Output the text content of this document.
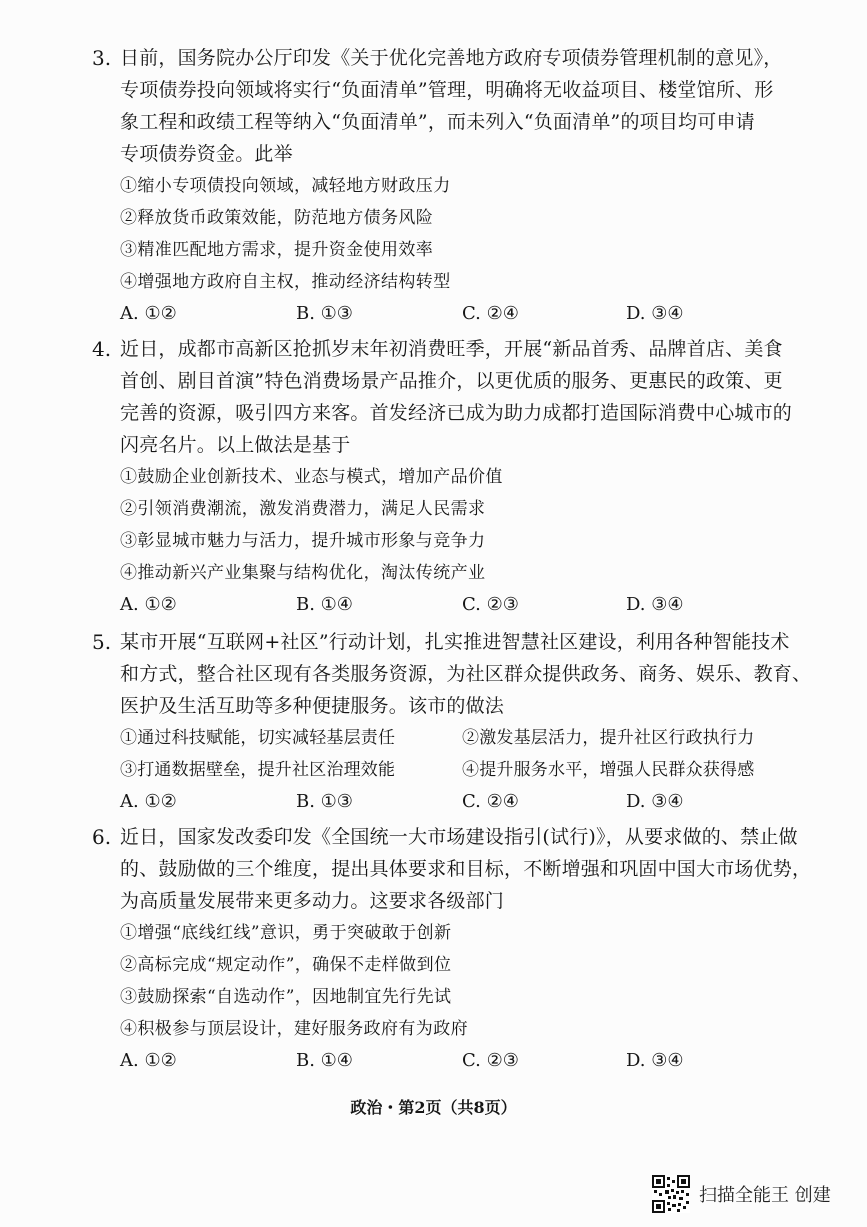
3. 日前，国务院办公厅印发《关于优化完善地方政府专项债券管理机制的意见》，
专项债券投向领域将实行“负面清单”管理，明确将无收益项目、楼堂馆所、形
象工程和政绩工程等纳入“负面清单”，而未列入“负面清单”的项目均可申请
专项债券资金。此举
①缩小专项债投向领域，减轻地方财政压力
②释放货币政策效能，防范地方债务风险
③精准匹配地方需求，提升资金使用效率
④增强地方政府自主权，推动经济结构转型
A. ①②	B. ①③	C. ②④	D. ③④
4. 近日，成都市高新区抢抓岁末年初消费旺季，开展“新品首秀、品牌首店、美食
首创、剧目首演”特色消费场景产品推介，以更优质的服务、更惠民的政策、更
完善的资源，吸引四方来客。首发经济已成为助力成都打造国际消费中心城市的
闪亮名片。以上做法是基于
①鼓励企业创新技术、业态与模式，增加产品价值
②引领消费潮流，激发消费潜力，满足人民需求
③彰显城市魅力与活力，提升城市形象与竞争力
④推动新兴产业集聚与结构优化，淘汰传统产业
A. ①②	B. ①④	C. ②③	D. ③④
5. 某市开展“互联网+社区”行动计划，扎实推进智慧社区建设，利用各种智能技术
和方式，整合社区现有各类服务资源，为社区群众提供政务、商务、娱乐、教育、
医护及生活互助等多种便捷服务。该市的做法
①通过科技赋能，切实减轻基层责任	②激发基层活力，提升社区行政执行力
③打通数据壁垒，提升社区治理效能	④提升服务水平，增强人民群众获得感
A. ①②	B. ①③	C. ②④	D. ③④
6. 近日，国家发改委印发《全国统一大市场建设指引(试行)》，从要求做的、禁止做
的、鼓励做的三个维度，提出具体要求和目标，不断增强和巩固中国大市场优势，
为高质量发展带来更多动力。这要求各级部门
①增强“底线红线”意识，勇于突破敢于创新
②高标完成“规定动作”，确保不走样做到位
③鼓励探索“自选动作”，因地制宜先行先试
④积极参与顶层设计，建好服务政府有为政府
A. ①②	B. ①④	C. ②③	D. ③④
政治・第2页（共8页）
扫描全能王 创建
